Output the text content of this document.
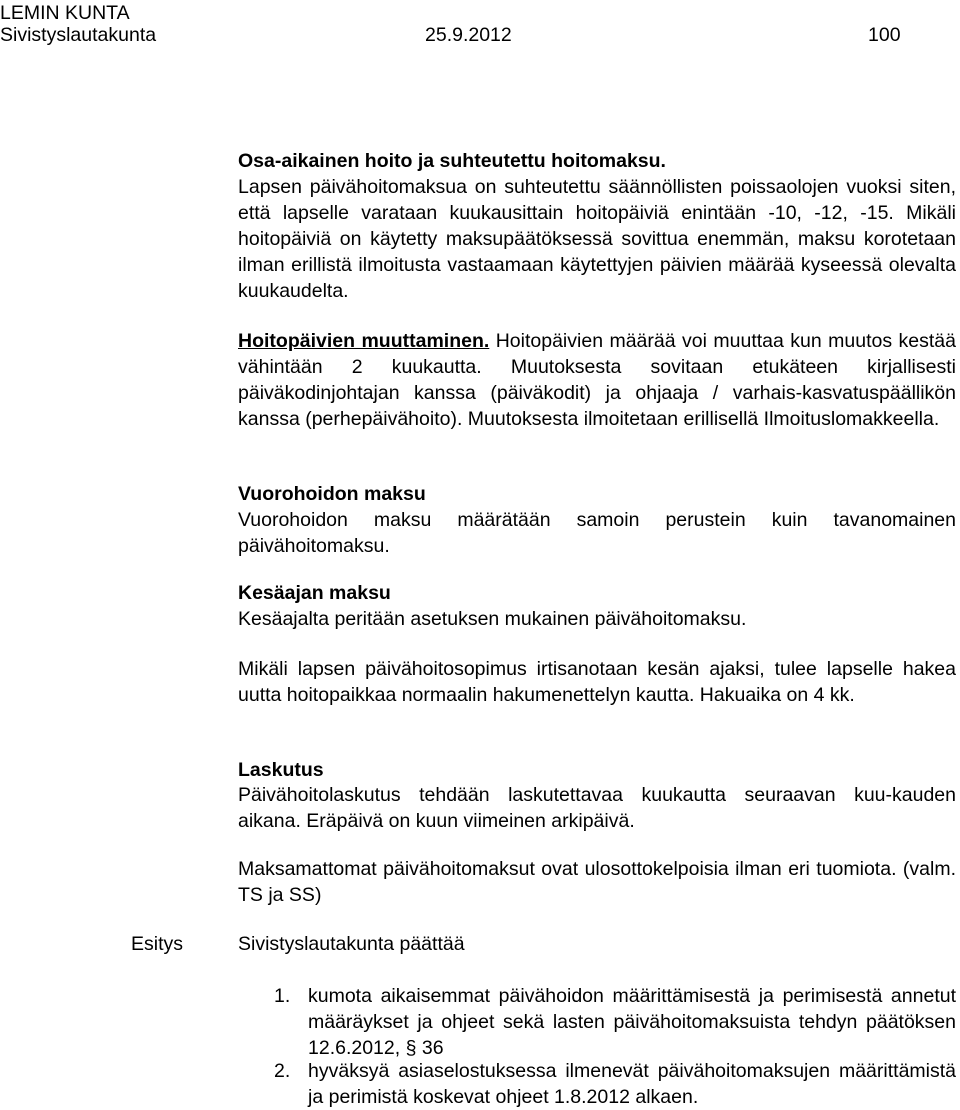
LEMIN KUNTA
Sivistyslautakunta	25.9.2012	100
Osa-aikainen hoito ja suhteutettu hoitomaksu.
Lapsen päivähoitomaksua on suhteutettu säännöllisten poissaolojen vuoksi siten, että lapselle varataan kuukausittain hoitopäiviä enintään -10, -12, -15. Mikäli hoitopäiviä on käytetty maksupäätöksessä sovittua enemmän, maksu korotetaan ilman erillistä ilmoitusta vastaamaan käytettyjen päivien määrää kyseessä olevalta kuukaudelta.
Hoitopäivien muuttaminen. Hoitopäivien määrää voi muuttaa kun muutos kestää vähintään 2 kuukautta. Muutoksesta sovitaan etukäteen kirjallisesti päiväkodinjohtajan kanssa (päiväkodit) ja ohjaaja / varhais-kasvatuspäällikön kanssa (perhepäivähoito). Muutoksesta ilmoitetaan erillisellä Ilmoituslomakkeella.
Vuorohoidon maksu
Vuorohoidon maksu määrätään samoin perustein kuin tavanomainen päivähoitomaksu.
Kesäajan maksu
Kesäajalta peritään asetuksen mukainen päivähoitomaksu.
Mikäli lapsen päivähoitosopimus irtisanotaan kesän ajaksi, tulee lapselle hakea uutta hoitopaikkaa normaalin hakumenettelyn kautta. Hakuaika on 4 kk.
Laskutus
Päivähoitolaskutus tehdään laskutettavaa kuukautta seuraavan kuu-kauden aikana. Eräpäivä on kuun viimeinen arkipäivä.
Maksamattomat päivähoitomaksut ovat ulosottokelpoisia ilman eri tuomiota. (valm. TS ja SS)
Sivistyslautakunta päättää
Esitys
1. kumota aikaisemmat päivähoidon määrittämisestä ja perimisestä annetut määräykset ja ohjeet sekä lasten päivähoitomaksuista tehdyn päätöksen 12.6.2012, § 36
2. hyväksyä asiaselostuksessa ilmenevät päivähoitomaksujen määrittämistä ja perimistä koskevat ohjeet 1.8.2012 alkaen.
